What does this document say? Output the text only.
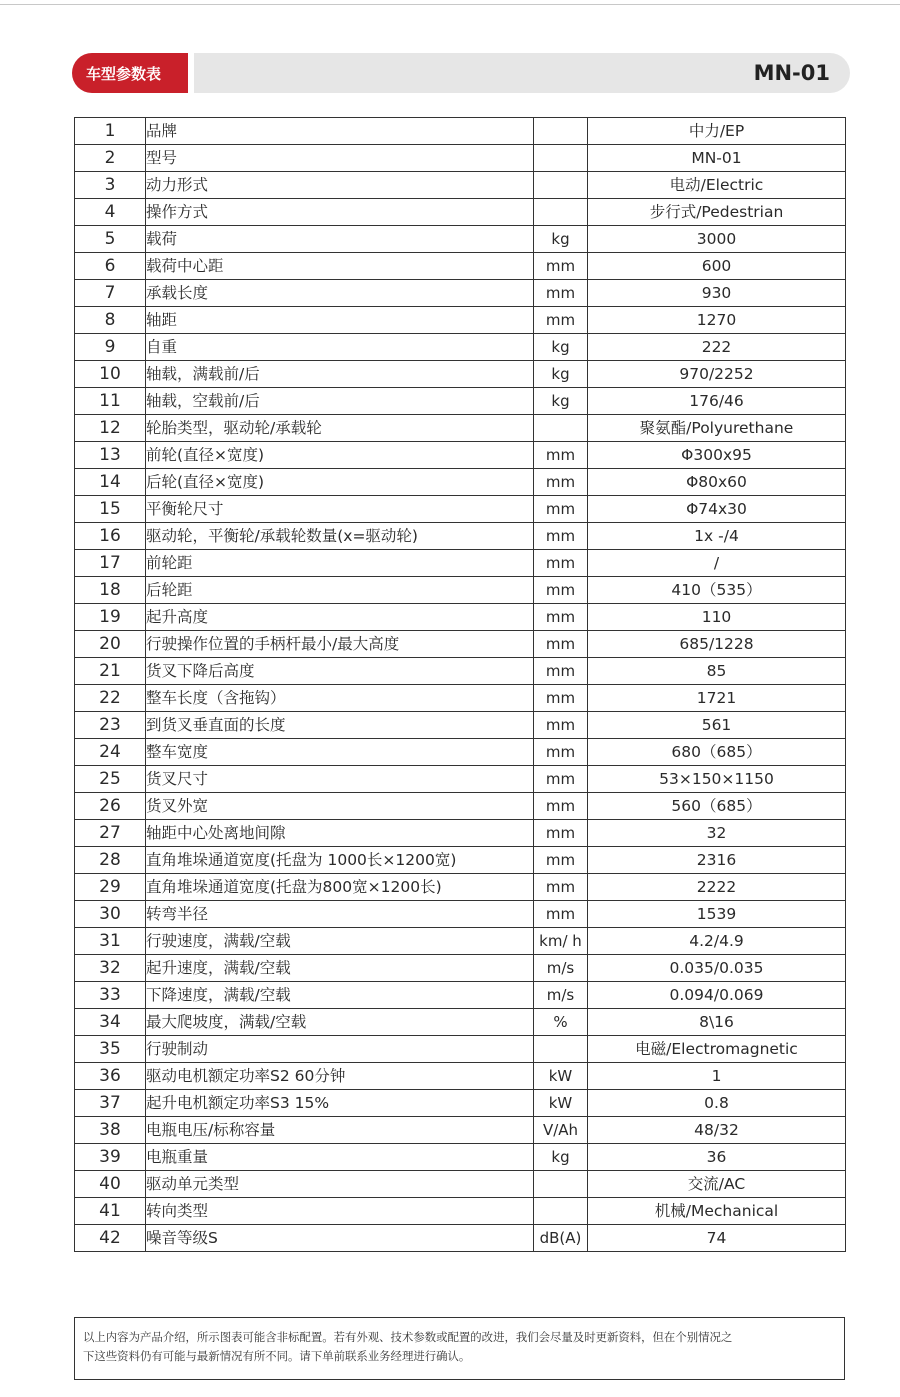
车型参数表	MN-01
1	品牌		中力/EP
2	型号		MN-01
3	动力形式		电动/Electric
4	操作方式		步行式/Pedestrian
5	载荷	kg	3000
6	载荷中心距	mm	600
7	承载长度	mm	930
8	轴距	mm	1270
9	自重	kg	222
10	轴载，满载前/后	kg	970/2252
11	轴载，空载前/后	kg	176/46
12	轮胎类型，驱动轮/承载轮		聚氨酯/Polyurethane
13	前轮(直径×宽度)	mm	Φ300x95
14	后轮(直径×宽度)	mm	Φ80x60
15	平衡轮尺寸	mm	Φ74x30
16	驱动轮，平衡轮/承载轮数量(x=驱动轮)	mm	1x -/4
17	前轮距	mm	/
18	后轮距	mm	410（535）
19	起升高度	mm	110
20	行驶操作位置的手柄杆最小/最大高度	mm	685/1228
21	货叉下降后高度	mm	85
22	整车长度（含拖钩）	mm	1721
23	到货叉垂直面的长度	mm	561
24	整车宽度	mm	680（685）
25	货叉尺寸	mm	53×150×1150
26	货叉外宽	mm	560（685）
27	轴距中心处离地间隙	mm	32
28	直角堆垛通道宽度(托盘为 1000长×1200宽)	mm	2316
29	直角堆垛通道宽度(托盘为800宽×1200长)	mm	2222
30	转弯半径	mm	1539
31	行驶速度，满载/空载	km/ h	4.2/4.9
32	起升速度，满载/空载	m/s	0.035/0.035
33	下降速度，满载/空载	m/s	0.094/0.069
34	最大爬坡度，满载/空载	%	8\16
35	行驶制动		电磁/Electromagnetic
36	驱动电机额定功率S2 60分钟	kW	1
37	起升电机额定功率S3 15%	kW	0.8
38	电瓶电压/标称容量	V/Ah	48/32
39	电瓶重量	kg	36
40	驱动单元类型		交流/AC
41	转向类型		机械/Mechanical
42	噪音等级S	dB(A)	74
以上内容为产品介绍，所示图表可能含非标配置。若有外观、技术参数或配置的改进，我们会尽量及时更新资料，但在个别情况之
下这些资料仍有可能与最新情况有所不同。请下单前联系业务经理进行确认。
